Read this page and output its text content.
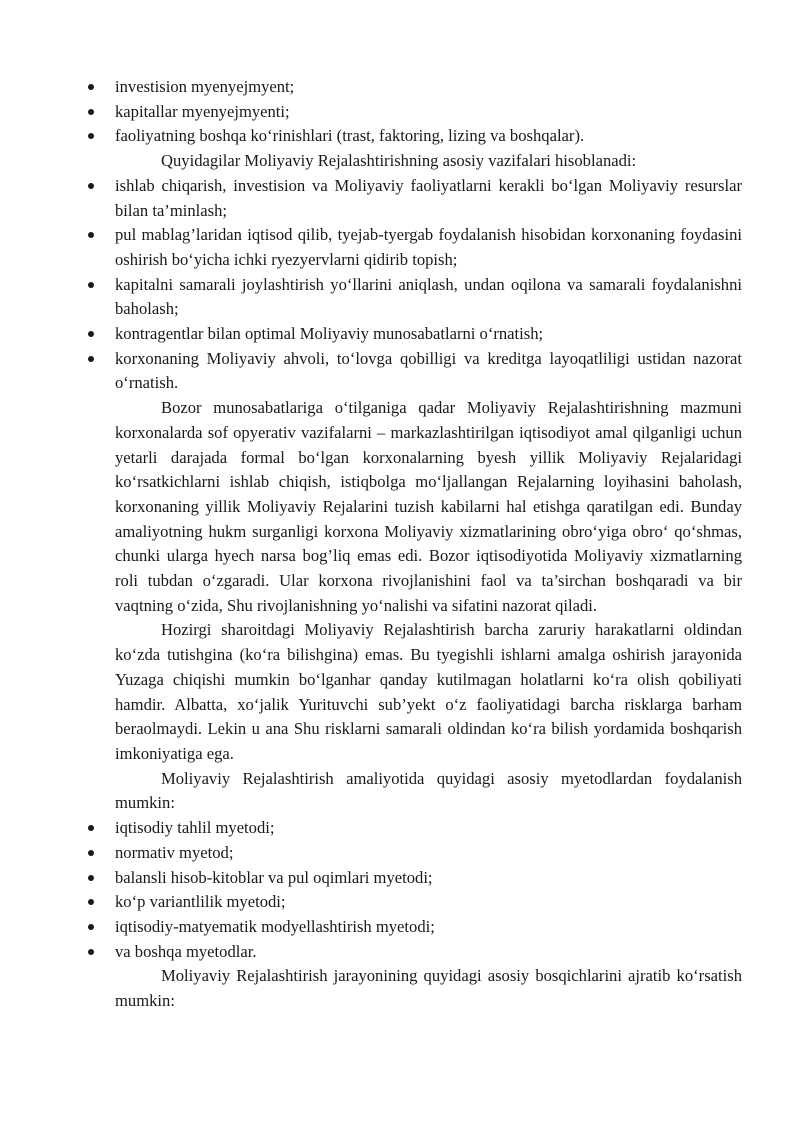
investision myenyejmyent;
kapitallar myenyejmyenti;
faoliyatning boshqa ko‘rinishlari (trast, faktoring, lizing va boshqalar).
Quyidagilar Moliyaviy Rejalashtirishning asosiy vazifalari hisoblanadi:
ishlab chiqarish, investision va Moliyaviy faoliyatlarni kerakli bo‘lgan Moliyaviy resurslar bilan ta’minlash;
pul mablag’laridan iqtisod qilib, tyejab-tyergab foydalanish hisobidan korxonaning foydasini oshirish bo‘yicha ichki ryezyervlarni qidirib topish;
kapitalni samarali joylashtirish yo‘llarini aniqlash, undan oqilona va samarali foydalanishni baholash;
kontragentlar bilan optimal Moliyaviy munosabatlarni o‘rnatish;
korxonaning Moliyaviy ahvoli, to‘lovga qobilligi va kreditga layoqatliligi ustidan nazorat o‘rnatish.
Bozor munosabatlariga o‘tilganiga qadar Moliyaviy Rejalashtirishning mazmuni korxonalarda sof opyerativ vazifalarni – markazlashtirilgan iqtisodiyot amal qilganligi uchun yetarli darajada formal bo‘lgan korxonalarning byesh yillik Moliyaviy Rejalaridagi ko‘rsatkichlarni ishlab chiqish, istiqbolga mo‘ljallangan Rejalarning loyihasini baholash, korxonaning yillik Moliyaviy Rejalarini tuzish kabilarni hal etishga qaratilgan edi. Bunday amaliyotning hukm surganligi korxona Moliyaviy xizmatlarining obro‘yiga obro‘ qo‘shmas, chunki ularga hyech narsa bog’liq emas edi. Bozor iqtisodiyotida Moliyaviy xizmatlarning roli tubdan o‘zgaradi. Ular korxona rivojlanishini faol va ta’sirchan boshqaradi va bir vaqtning o‘zida, Shu rivojlanishning yo‘nalishi va sifatini nazorat qiladi.
Hozirgi sharoitdagi Moliyaviy Rejalashtirish barcha zaruriy harakatlarni oldindan ko‘zda tutishgina (ko‘ra bilishgina) emas. Bu tyegishli ishlarni amalga oshirish jarayonida Yuzaga chiqishi mumkin bo‘lganhar qanday kutilmagan holatlarni ko‘ra olish qobiliyati hamdir. Albatta, xo‘jalik Yurituvchi sub’yekt o‘z faoliyatidagi barcha risklarga barham beraolmaydi. Lekin u ana Shu risklarni samarali oldindan ko‘ra bilish yordamida boshqarish imkoniyatiga ega.
Moliyaviy Rejalashtirish amaliyotida quyidagi asosiy myetodlardan foydalanish mumkin:
iqtisodiy tahlil myetodi;
normativ myetod;
balansli hisob-kitoblar va pul oqimlari myetodi;
ko‘p variantlilik myetodi;
iqtisodiy-matyematik modyellashtirish myetodi;
va boshqa myetodlar.
Moliyaviy Rejalashtirish jarayonining quyidagi asosiy bosqichlarini ajratib ko‘rsatish mumkin:
